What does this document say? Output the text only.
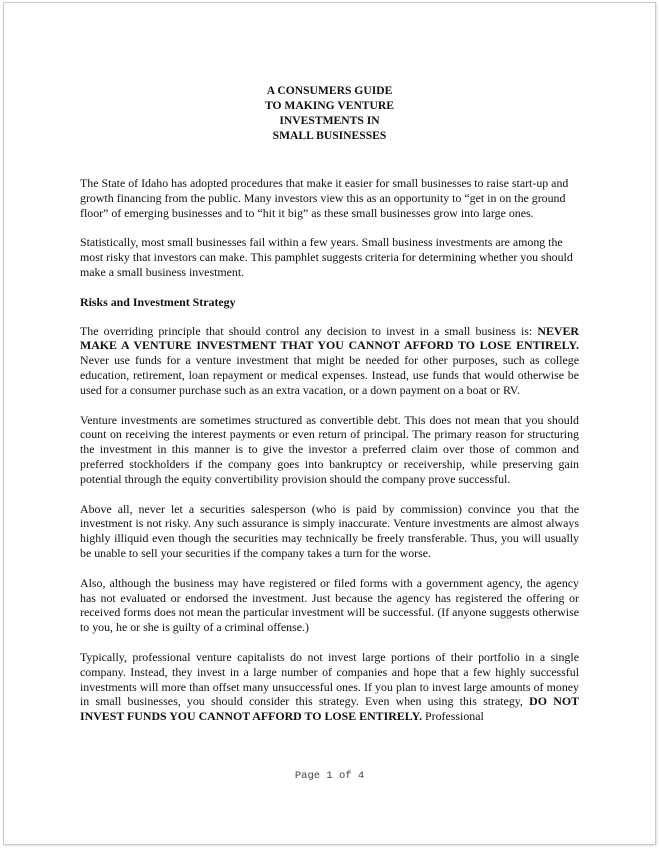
A CONSUMERS GUIDE
TO MAKING VENTURE
INVESTMENTS IN
SMALL BUSINESSES

The State of Idaho has adopted procedures that make it easier for small businesses to raise start-up and growth financing from the public. Many investors view this as an opportunity to “get in on the ground floor” of emerging businesses and to “hit it big” as these small businesses grow into large ones.

Statistically, most small businesses fail within a few years. Small business investments are among the most risky that investors can make. This pamphlet suggests criteria for determining whether you should make a small business investment.

Risks and Investment Strategy

The overriding principle that should control any decision to invest in a small business is: NEVER MAKE A VENTURE INVESTMENT THAT YOU CANNOT AFFORD TO LOSE ENTIRELY. Never use funds for a venture investment that might be needed for other purposes, such as college education, retirement, loan repayment or medical expenses. Instead, use funds that would otherwise be used for a consumer purchase such as an extra vacation, or a down payment on a boat or RV.

Venture investments are sometimes structured as convertible debt. This does not mean that you should count on receiving the interest payments or even return of principal. The primary reason for structuring the investment in this manner is to give the investor a preferred claim over those of common and preferred stockholders if the company goes into bankruptcy or receivership, while preserving gain potential through the equity convertibility provision should the company prove successful.

Above all, never let a securities salesperson (who is paid by commission) convince you that the investment is not risky. Any such assurance is simply inaccurate. Venture investments are almost always highly illiquid even though the securities may technically be freely transferable. Thus, you will usually be unable to sell your securities if the company takes a turn for the worse.

Also, although the business may have registered or filed forms with a government agency, the agency has not evaluated or endorsed the investment. Just because the agency has registered the offering or received forms does not mean the particular investment will be successful. (If anyone suggests otherwise to you, he or she is guilty of a criminal offense.)

Typically, professional venture capitalists do not invest large portions of their portfolio in a single company. Instead, they invest in a large number of companies and hope that a few highly successful investments will more than offset many unsuccessful ones. If you plan to invest large amounts of money in small businesses, you should consider this strategy. Even when using this strategy, DO NOT INVEST FUNDS YOU CANNOT AFFORD TO LOSE ENTIRELY. Professional

Page 1 of 4
